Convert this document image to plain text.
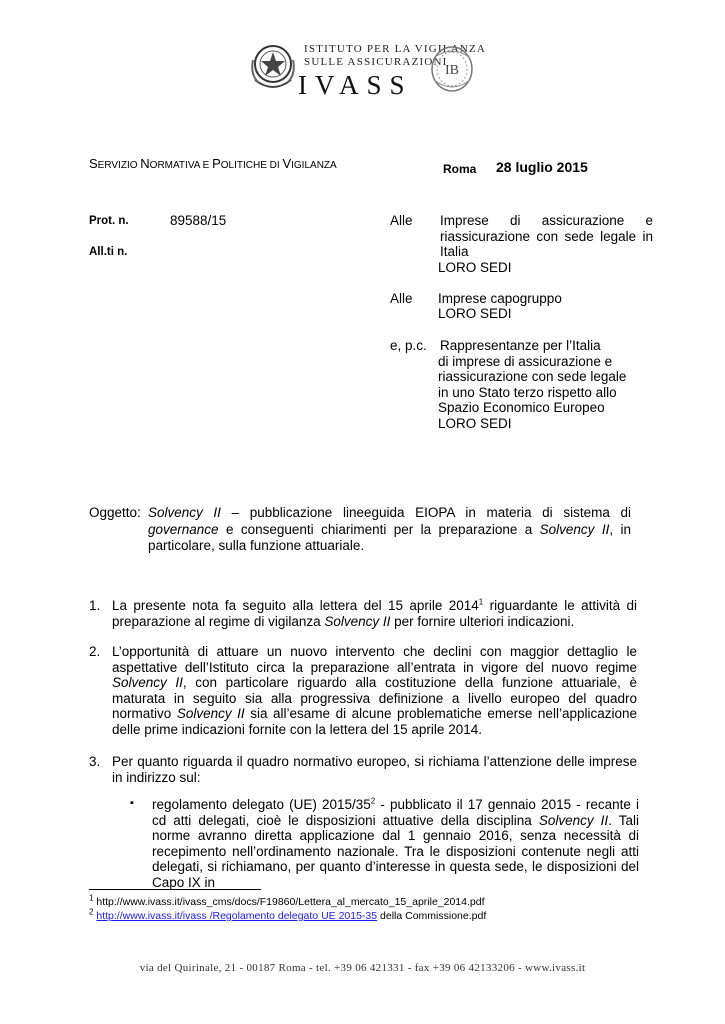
ISTITUTO PER LA VIGILANZA
SULLE ASSICURAZIONI
IVASS IB
SERVIZIO NORMATIVA E POLITICHE DI VIGILANZA	Roma 28 luglio 2015
Prot. n.	89588/15
All.ti n.
Alle Imprese di assicurazione e
riassicurazione con sede legale in
Italia
LORO SEDI
Alle Imprese capogruppo
LORO SEDI
e, p.c. Rappresentanze per l’Italia
di imprese di assicurazione e
riassicurazione con sede legale
in uno Stato terzo rispetto allo
Spazio Economico Europeo
LORO SEDI
Oggetto: Solvency II – pubblicazione lineeguida EIOPA in materia di sistema di governance e conseguenti chiarimenti per la preparazione a Solvency II, in particolare, sulla funzione attuariale.
1. La presente nota fa seguito alla lettera del 15 aprile 2014$^1$ riguardante le attività di preparazione al regime di vigilanza Solvency II per fornire ulteriori indicazioni.
2. L’opportunità di attuare un nuovo intervento che declini con maggior dettaglio le aspettative dell’Istituto circa la preparazione all’entrata in vigore del nuovo regime Solvency II, con particolare riguardo alla costituzione della funzione attuariale, è maturata in seguito sia alla progressiva definizione a livello europeo del quadro normativo Solvency II sia all’esame di alcune problematiche emerse nell’applicazione delle prime indicazioni fornite con la lettera del 15 aprile 2014.
3. Per quanto riguarda il quadro normativo europeo, si richiama l’attenzione delle imprese in indirizzo sul:
▪ regolamento delegato (UE) $2015/35^2$ - pubblicato il 17 gennaio 2015 - recante i cd atti delegati, cioè le disposizioni attuative della disciplina Solvency II. Tali norme avranno diretta applicazione dal 1 gennaio 2016, senza necessità di recepimento nell’ordinamento nazionale. Tra le disposizioni contenute negli atti delegati, si richiamano, per quanto d’interesse in questa sede, le disposizioni del Capo IX in
$^1$ http://www.ivass.it/ivass_cms/docs/F19860/Lettera_al_mercato_15_aprile_2014.pdf
$^2$ http://www.ivass.it/ivass /Regolamento delegato UE 2015-35 della Commissione.pdf
via del Quirinale, 21 - 00187 Roma - tel. +39 06 421331 - fax +39 06 42133206 - www.ivass.it
